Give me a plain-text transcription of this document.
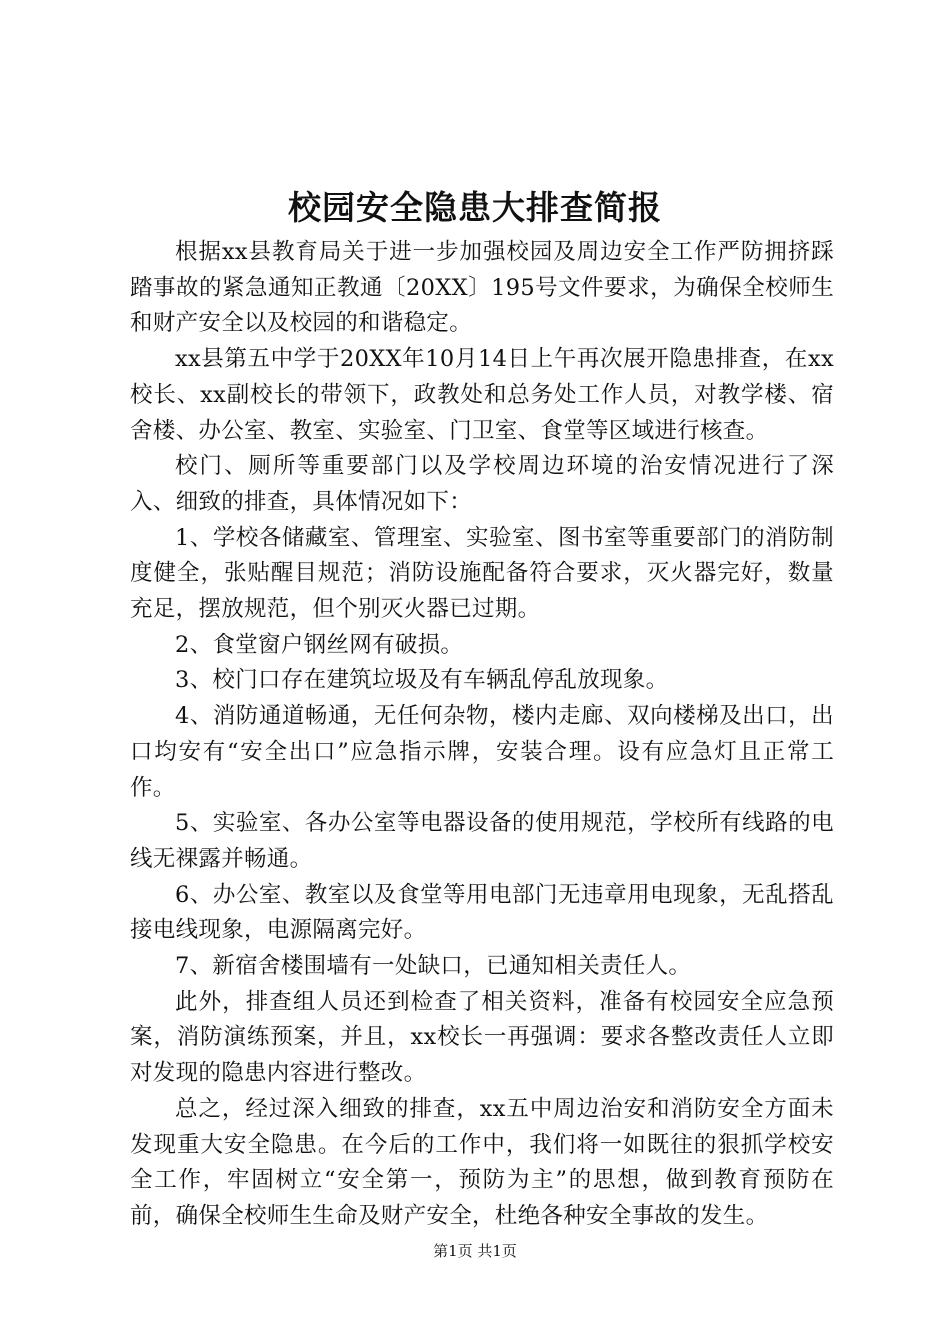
校园安全隐患大排查简报

根据xx县教育局关于进一步加强校园及周边安全工作严防拥挤踩踏事故的紧急通知正教通〔20XX〕195号文件要求，为确保全校师生和财产安全以及校园的和谐稳定。

xx县第五中学于20XX年10月14日上午再次展开隐患排查，在xx校长、xx副校长的带领下，政教处和总务处工作人员，对教学楼、宿舍楼、办公室、教室、实验室、门卫室、食堂等区域进行核查。

校门、厕所等重要部门以及学校周边环境的治安情况进行了深入、细致的排查，具体情况如下：

1、学校各储藏室、管理室、实验室、图书室等重要部门的消防制度健全，张贴醒目规范；消防设施配备符合要求，灭火器完好，数量充足，摆放规范，但个别灭火器已过期。

2、食堂窗户钢丝网有破损。

3、校门口存在建筑垃圾及有车辆乱停乱放现象。

4、消防通道畅通，无任何杂物，楼内走廊、双向楼梯及出口，出口均安有“安全出口”应急指示牌，安装合理。设有应急灯且正常工作。

5、实验室、各办公室等电器设备的使用规范，学校所有线路的电线无裸露并畅通。

6、办公室、教室以及食堂等用电部门无违章用电现象，无乱搭乱接电线现象，电源隔离完好。

7、新宿舍楼围墙有一处缺口，已通知相关责任人。

此外，排查组人员还到检查了相关资料，准备有校园安全应急预案，消防演练预案，并且，xx校长一再强调：要求各整改责任人立即对发现的隐患内容进行整改。

总之，经过深入细致的排查，xx五中周边治安和消防安全方面未发现重大安全隐患。在今后的工作中，我们将一如既往的狠抓学校安全工作，牢固树立“安全第一，预防为主”的思想，做到教育预防在前，确保全校师生生命及财产安全，杜绝各种安全事故的发生。

第1页 共1页
